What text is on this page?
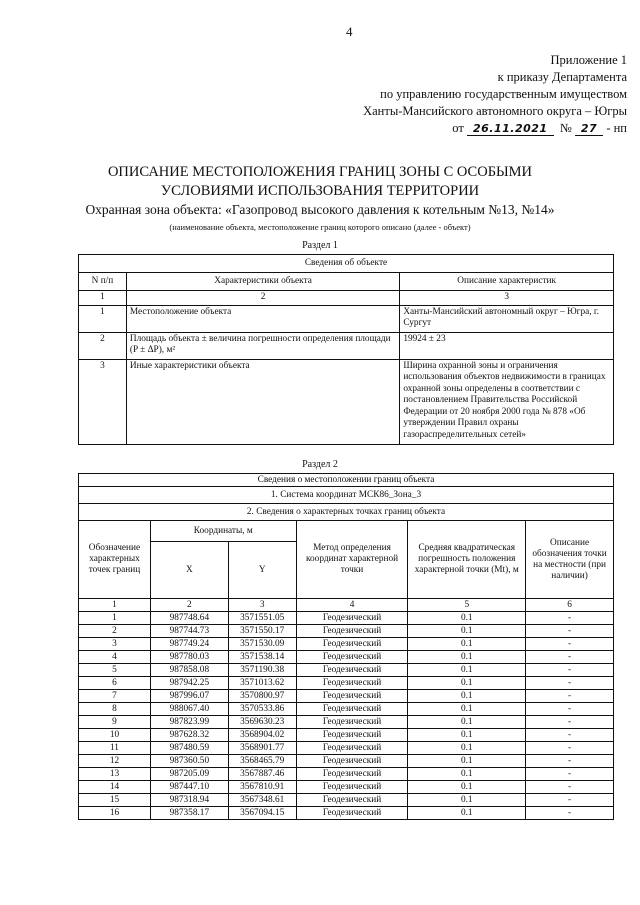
4
Приложение 1
к приказу Департамента
по управлению государственным имуществом
Ханты-Мансийского автономного округа – Югры
от 26.11.2021 № 27 - нп
ОПИСАНИЕ МЕСТОПОЛОЖЕНИЯ ГРАНИЦ ЗОНЫ С ОСОБЫМИ
УСЛОВИЯМИ ИСПОЛЬЗОВАНИЯ ТЕРРИТОРИИ
Охранная зона объекта: «Газопровод высокого давления к котельным №13, №14»
(наименование объекта, местоположение границ которого описано (далее - объект)
Раздел 1
Сведения об объекте		
N п/п	Характеристики объекта	Описание характеристик
1	2	3
1	Местоположение объекта	Ханты-Мансийский автономный округ – Югра, г. Сургут
2	Площадь объекта ± величина погрешности определения площади (P ± ΔP), м²	19924 ± 23
3	Иные характеристики объекта	Ширина охранной зоны и ограничения использования объектов недвижимости в границах охранной зоны определены в соответствии с постановлением Правительства Российской Федерации от 20 ноября 2000 года № 878 «Об утверждении Правил охраны газораспределительных сетей»
Раздел 2
Сведения о местоположении границ объекта					
1. Система координат МСК86_Зона_3					
2. Сведения о характерных точках границ объекта					
Обозначение характерных точек границ	Координаты, м		Метод определения координат характерной точки	Средняя квадратическая погрешность положения характерной точки (Mt), м	Описание обозначения точки на местности (при наличии)
	X	Y			
1	2	3	4	5	6
1	987748.64	3571551.05	Геодезический	0.1	-
2	987744.73	3571550.17	Геодезический	0.1	-
3	987749.24	3571530.09	Геодезический	0.1	-
4	987780.03	3571538.14	Геодезический	0.1	-
5	987858.08	3571190.38	Геодезический	0.1	-
6	987942.25	3571013.62	Геодезический	0.1	-
7	987996.07	3570800.97	Геодезический	0.1	-
8	988067.40	3570533.86	Геодезический	0.1	-
9	987823.99	3569630.23	Геодезический	0.1	-
10	987628.32	3568904.02	Геодезический	0.1	-
11	987480.59	3568901.77	Геодезический	0.1	-
12	987360.50	3568465.79	Геодезический	0.1	-
13	987205.09	3567887.46	Геодезический	0.1	-
14	987447.10	3567810.91	Геодезический	0.1	-
15	987318.94	3567348.61	Геодезический	0.1	-
16	987358.17	3567094.15	Геодезический	0.1	-
